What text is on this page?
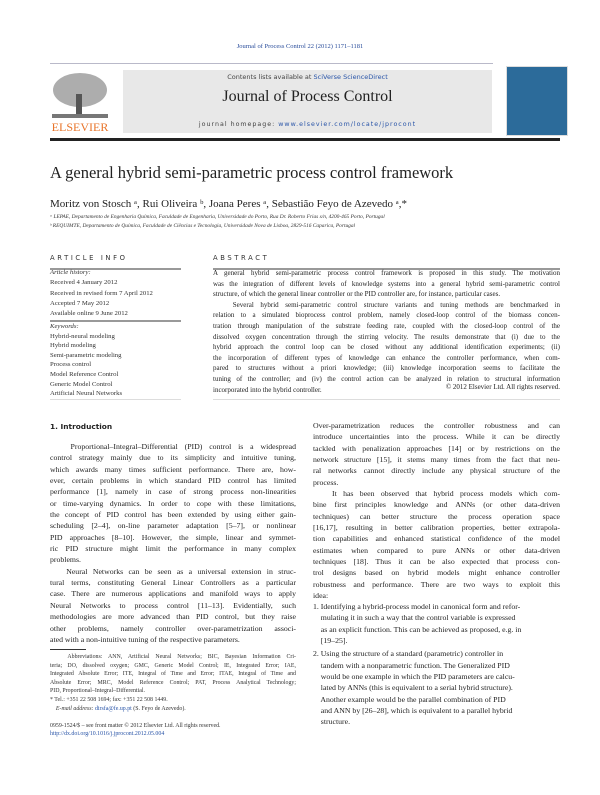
Journal of Process Control 22 (2012) 1171–1181
ELSEVIER
Contents lists available at SciVerse ScienceDirect
Journal of Process Control
journal homepage: www.elsevier.com/locate/jprocont
A general hybrid semi-parametric process control framework
Moritz von Stosch ᵃ, Rui Oliveira ᵇ, Joana Peres ᵃ, Sebastião Feyo de Azevedo ᵃ,*
ᵃ LEPAE, Departamento de Engenharia Química, Faculdade de Engenharia, Universidade do Porto, Rua Dr. Roberto Frias s/n, 4200-465 Porto, Portugal
ᵇ REQUIMTE, Departamento de Química, Faculdade de Ciências e Tecnologia, Universidade Nova de Lisboa, 2829-516 Caparica, Portugal
ARTICLE INFO
Article history:
Received 4 January 2012
Received in revised form 7 April 2012
Accepted 7 May 2012
Available online 9 June 2012
Keywords:
Hybrid-neural modeling
Hybrid modeling
Semi-parametric modeling
Process control
Model Reference Control
Generic Model Control
Artificial Neural Networks
ABSTRACT
A general hybrid semi-parametric process control framework is proposed in this study. The motivation
was the integration of different levels of knowledge systems into a general hybrid semi-parametric control
structure, of which the general linear controller or the PID controller are, for instance, particular cases.
Several hybrid semi-parametric control structure variants and tuning methods are benchmarked in
relation to a simulated bioprocess control problem, namely closed-loop control of the biomass concen-
tration through manipulation of the substrate feeding rate, coupled with the closed-loop control of the
dissolved oxygen concentration through the stirring velocity. The results demonstrate that (i) due to the
hybrid approach the control loop can be closed without any additional identification experiments; (ii)
the incorporation of different types of knowledge can enhance the controller performance, when com-
pared to structures without a priori knowledge; (iii) knowledge incorporation seems to facilitate the
tuning of the controller; and (iv) the control action can be analyzed in relation to structural information
incorporated into the hybrid controller.	© 2012 Elsevier Ltd. All rights reserved.
1. Introduction
Proportional–Integral–Differential (PID) control is a widespread
control strategy mainly due to its simplicity and intuitive tuning,
which awards many times sufficient performance. There are, how-
ever, certain problems in which standard PID control has limited
performance [1], namely in case of strong process non-linearities
or time-varying dynamics. In order to cope with these limitations,
the concept of PID control has been extended by using either gain-
scheduling [2–4], on-line parameter adaptation [5–7], or nonlinear
PID approaches [8–10]. However, the simple, linear and symmet-
ric PID structure might limit the performance in many complex
problems.
Neural Networks can be seen as a universal extension in struc-
tural terms, constituting General Linear Controllers as a particular
case. There are numerous applications and manifold ways to apply
Neural Networks to process control [11–13]. Evidentially, such
methodologies are more advanced than PID control, but they raise
other problems, namely controller over-parametrization associ-
ated with a non-intuitive tuning of the respective parameters.
Over-parametrization reduces the controller robustness and can
introduce uncertainties into the process. While it can be directly
tackled with penalization approaches [14] or by restrictions on the
network structure [15], it stems many times from the fact that neu-
ral networks cannot directly include any physical structure of the
process.
It has been observed that hybrid process models which com-
bine first principles knowledge and ANNs (or other data-driven
techniques) can better structure the process operation space
[16,17], resulting in better calibration properties, better extrapola-
tion capabilities and enhanced statistical confidence of the model
estimates when compared to pure ANNs or other data-driven
techniques [18]. Thus it can be also expected that process con-
trol designs based on hybrid models might enhance controller
robustness and performance. There are two ways to exploit this
idea:
1. Identifying a hybrid-process model in canonical form and refor-
mulating it in such a way that the control variable is expressed
as an explicit function. This can be achieved as proposed, e.g. in
[19–25].
2. Using the structure of a standard (parametric) controller in
tandem with a nonparametric function. The Generalized PID
would be one example in which the PID parameters are calcu-
lated by ANNs (this is equivalent to a serial hybrid structure).
Another example would be the parallel combination of PID
and ANN by [26–28], which is equivalent to a parallel hybrid
structure.
Abbreviations: ANN, Artificial Neural Networks; BIC, Bayesian Information Cri-
teria; DO, dissolved oxygen; GMC, Generic Model Control; IE, Integrated Error; IAE,
Integrated Absolute Error; ITE, Integral of Time and Error; ITAE, Integral of Time and
Absolute Error; MRC, Model Reference Control; PAT, Process Analytical Technology;
PID, Proportional–Integral–Differential.
* Tel.: +351 22 508 1694; fax: +351 22 508 1449.
E-mail address: dirsfa@fe.up.pt (S. Feyo de Azevedo).
0959-1524/$ – see front matter © 2012 Elsevier Ltd. All rights reserved.
http://dx.doi.org/10.1016/j.jprocont.2012.05.004
